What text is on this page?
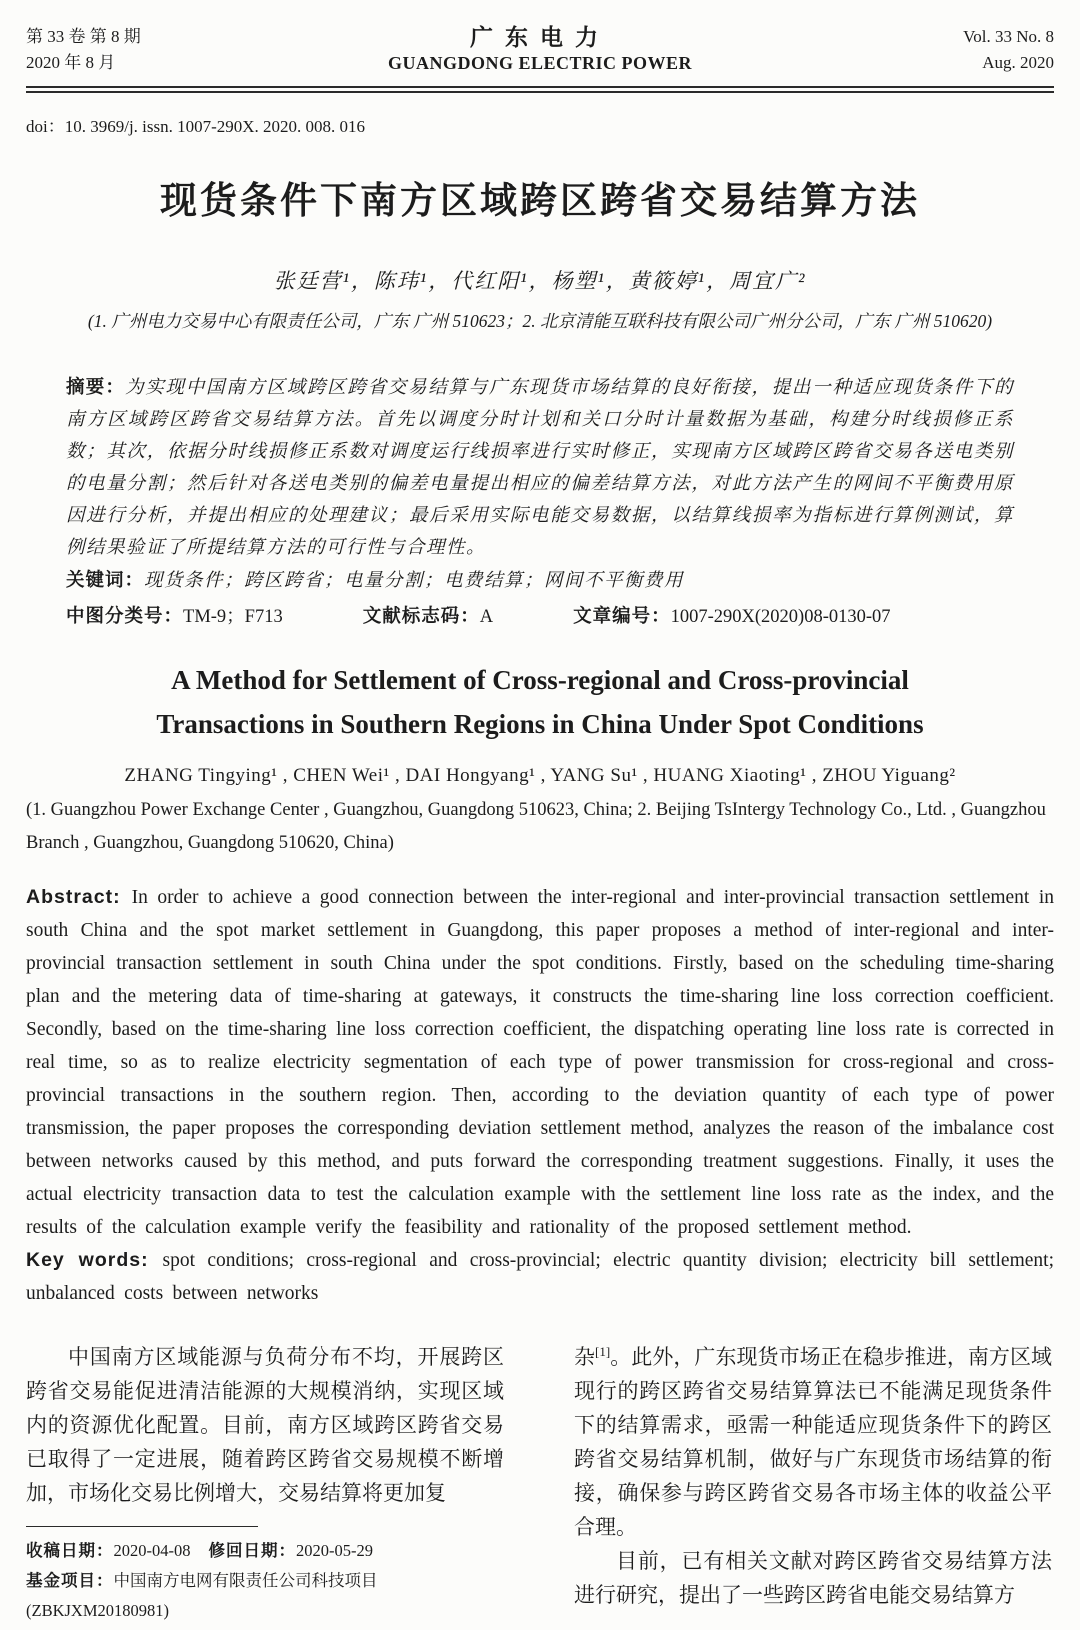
第 33 卷 第 8 期
2020 年 8 月
广东电力
GUANGDONG ELECTRIC POWER
Vol. 33 No. 8
Aug. 2020
doi：10. 3969/j. issn. 1007-290X. 2020. 008. 016
现货条件下南方区域跨区跨省交易结算方法
张廷营¹，陈玮¹，代红阳¹，杨塑¹，黄筱婷¹，周宜广²
(1. 广州电力交易中心有限责任公司，广东 广州 510623；2. 北京清能互联科技有限公司广州分公司，广东 广州 510620)

摘要：为实现中国南方区域跨区跨省交易结算与广东现货市场结算的良好衔接，提出一种适应现货条件下的南方区域跨区跨省交易结算方法。首先以调度分时计划和关口分时计量数据为基础，构建分时线损修正系数；其次，依据分时线损修正系数对调度运行线损率进行实时修正，实现南方区域跨区跨省交易各送电类别的电量分割；然后针对各送电类别的偏差电量提出相应的偏差结算方法，对此方法产生的网间不平衡费用原因进行分析，并提出相应的处理建议；最后采用实际电能交易数据，以结算线损率为指标进行算例测试，算例结果验证了所提结算方法的可行性与合理性。

关键词：现货条件；跨区跨省；电量分割；电费结算；网间不平衡费用

中图分类号：TM-9；F713	文献标志码：A	文章编号：1007-290X(2020)08-0130-07
A Method for Settlement of Cross-regional and Cross-provincial
Transactions in Southern Regions in China Under Spot Conditions
ZHANG Tingying¹ , CHEN Wei¹ , DAI Hongyang¹ , YANG Su¹ , HUANG Xiaoting¹ , ZHOU Yiguang²
(1. Guangzhou Power Exchange Center , Guangzhou, Guangdong 510623, China; 2. Beijing TsIntergy Technology Co., Ltd. , Guangzhou Branch , Guangzhou, Guangdong 510620, China)

Abstract: In order to achieve a good connection between the inter-regional and inter-provincial transaction settlement in south China and the spot market settlement in Guangdong, this paper proposes a method of inter-regional and inter-provincial transaction settlement in south China under the spot conditions. Firstly, based on the scheduling time-sharing plan and the metering data of time-sharing at gateways, it constructs the time-sharing line loss correction coefficient. Secondly, based on the time-sharing line loss correction coefficient, the dispatching operating line loss rate is corrected in real time, so as to realize electricity segmentation of each type of power transmission for cross-regional and cross-provincial transactions in the southern region. Then, according to the deviation quantity of each type of power transmission, the paper proposes the corresponding deviation settlement method, analyzes the reason of the imbalance cost between networks caused by this method, and puts forward the corresponding treatment suggestions. Finally, it uses the actual electricity transaction data to test the calculation example with the settlement line loss rate as the index, and the results of the calculation example verify the feasibility and rationality of the proposed settlement method.

Key words: spot conditions; cross-regional and cross-provincial; electric quantity division; electricity bill settlement; unbalanced costs between networks

中国南方区域能源与负荷分布不均，开展跨区跨省交易能促进清洁能源的大规模消纳，实现区域内的资源优化配置。目前，南方区域跨区跨省交易已取得了一定进展，随着跨区跨省交易规模不断增加，市场化交易比例增大，交易结算将更加复

收稿日期：2020-04-08 修回日期：2020-05-29
基金项目：中国南方电网有限责任公司科技项目(ZBKJXM20180981)

杂[1]。此外，广东现货市场正在稳步推进，南方区域现行的跨区跨省交易结算算法已不能满足现货条件下的结算需求，亟需一种能适应现货条件下的跨区跨省交易结算机制，做好与广东现货市场结算的衔接，确保参与跨区跨省交易各市场主体的收益公平合理。

目前，已有相关文献对跨区跨省交易结算方法进行研究，提出了一些跨区跨省电能交易结算方
